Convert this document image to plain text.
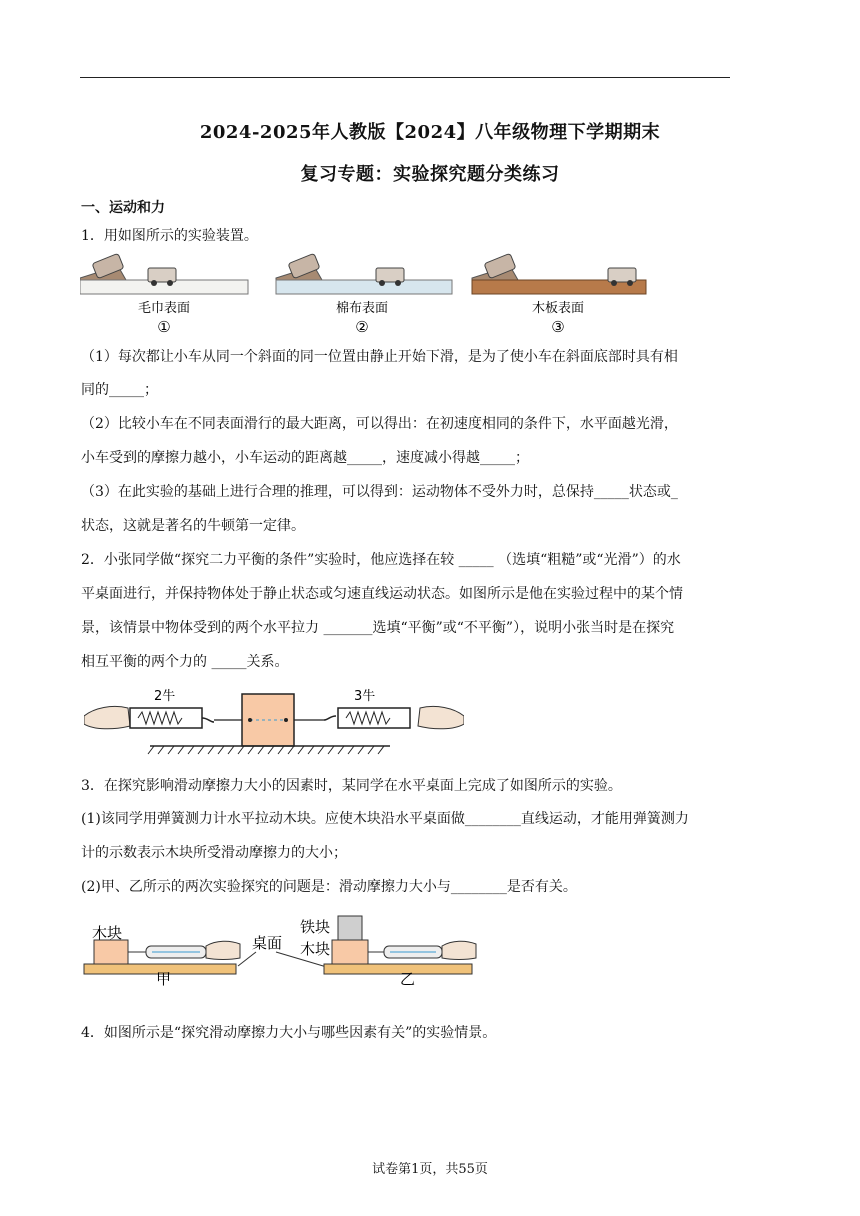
2024-2025年人教版【2024】八年级物理下学期期末
复习专题：实验探究题分类练习
一、运动和力
1．用如图所示的实验装置。
毛巾表面
①
棉布表面
②
木板表面
③
（1）每次都让小车从同一个斜面的同一位置由静止开始下滑，是为了使小车在斜面底部时具有相
同的_____；
（2）比较小车在不同表面滑行的最大距离，可以得出：在初速度相同的条件下，水平面越光滑，
小车受到的摩擦力越小，小车运动的距离越_____，速度减小得越_____；
（3）在此实验的基础上进行合理的推理，可以得到：运动物体不受外力时，总保持_____状态或_
状态，这就是著名的牛顿第一定律。
2．小张同学做“探究二力平衡的条件”实验时，他应选择在较 _____ （选填“粗糙”或“光滑”）的水
平桌面进行，并保持物体处于静止状态或匀速直线运动状态。如图所示是他在实验过程中的某个情
景，该情景中物体受到的两个水平拉力 _______选填“平衡”或“不平衡”），说明小张当时是在探究
相互平衡的两个力的 _____关系。
2牛	3牛
3．在探究影响滑动摩擦力大小的因素时，某同学在水平桌面上完成了如图所示的实验。
(1)该同学用弹簧测力计水平拉动木块。应使木块沿水平桌面做________直线运动，才能用弹簧测力
计的示数表示木块所受滑动摩擦力的大小；
(2)甲、乙所示的两次实验探究的问题是：滑动摩擦力大小与________是否有关。
木块
桌面
甲
铁块
木块
乙
4．如图所示是“探究滑动摩擦力大小与哪些因素有关”的实验情景。
试卷第1页，共55页
